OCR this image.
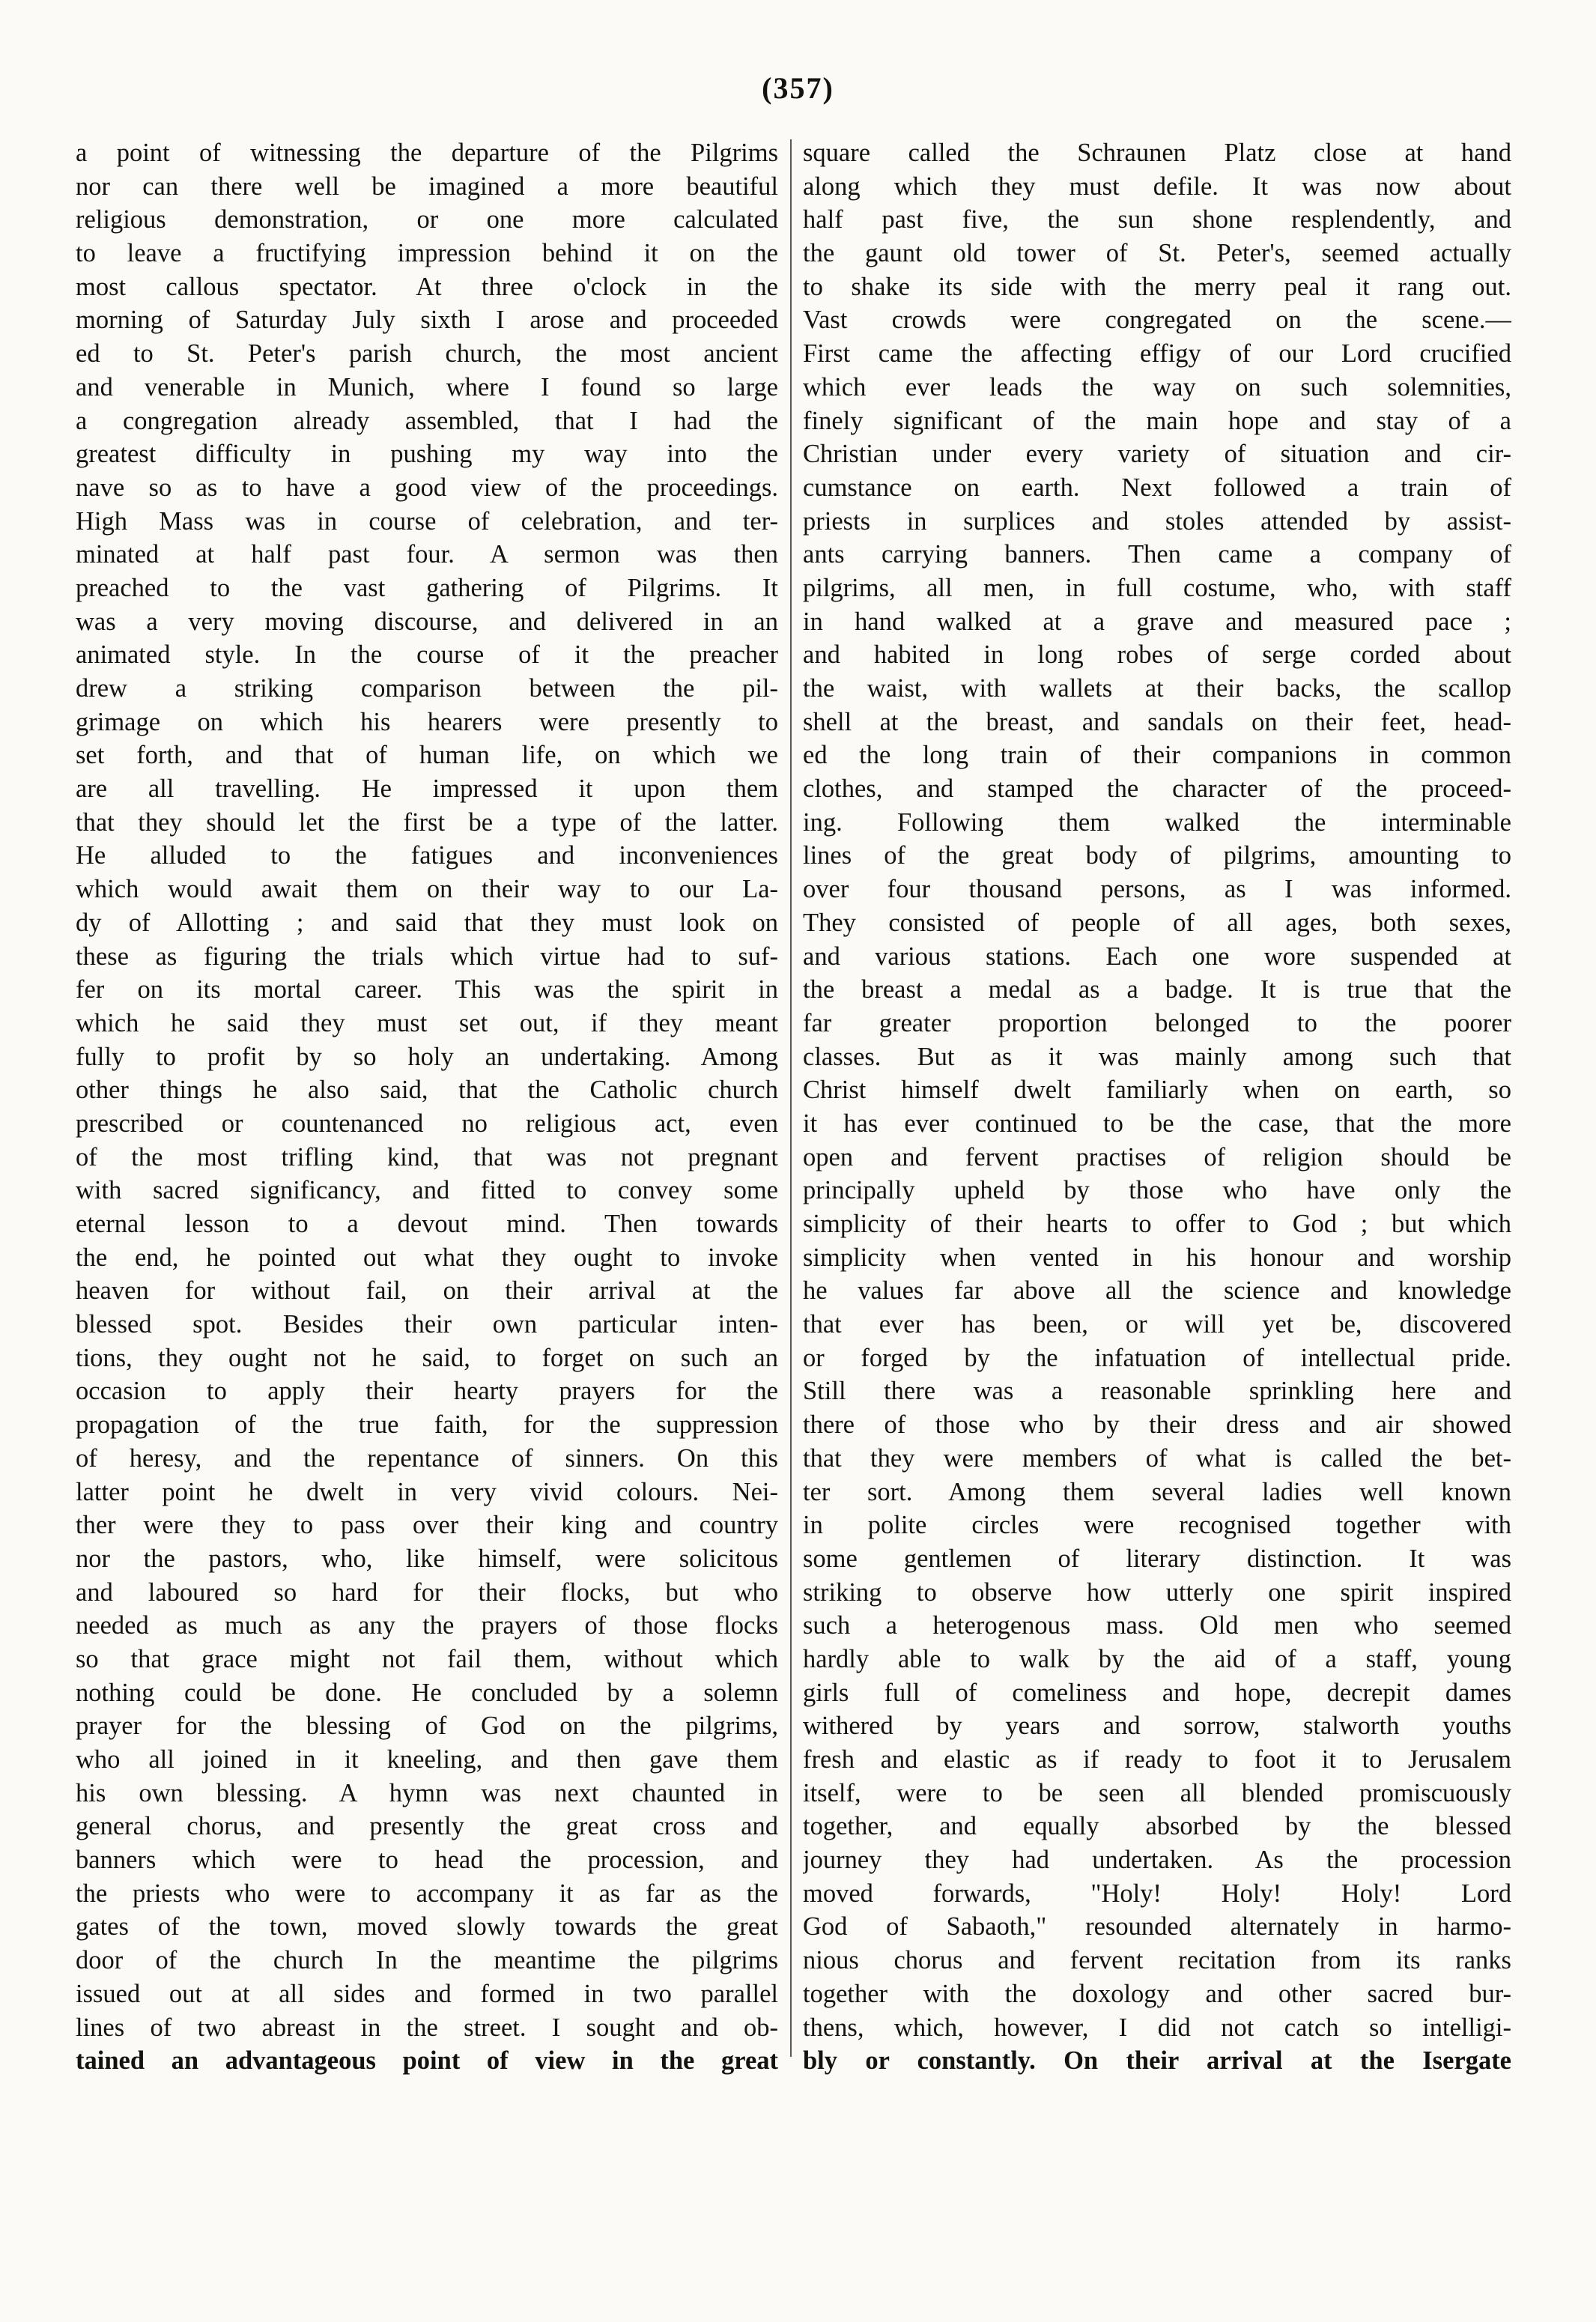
(357)
a point of witnessing the departure of the Pilgrims
nor can there well be imagined a more beautiful
religious demonstration, or one more calculated
to leave a fructifying impression behind it on the
most callous spectator. At three o'clock in the
morning of Saturday July sixth I arose and proceeded
ed to St. Peter's parish church, the most ancient
and venerable in Munich, where I found so large
a congregation already assembled, that I had the
greatest difficulty in pushing my way into the
nave so as to have a good view of the proceedings.
High Mass was in course of celebration, and ter-
minated at half past four. A sermon was then
preached to the vast gathering of Pilgrims. It
was a very moving discourse, and delivered in an
animated style. In the course of it the preacher
drew a striking comparison between the pil-
grimage on which his hearers were presently to
set forth, and that of human life, on which we
are all travelling. He impressed it upon them
that they should let the first be a type of the latter.
He alluded to the fatigues and inconveniences
which would await them on their way to our La-
dy of Allotting ; and said that they must look on
these as figuring the trials which virtue had to suf-
fer on its mortal career. This was the spirit in
which he said they must set out, if they meant
fully to profit by so holy an undertaking. Among
other things he also said, that the Catholic church
prescribed or countenanced no religious act, even
of the most trifling kind, that was not pregnant
with sacred significancy, and fitted to convey some
eternal lesson to a devout mind. Then towards
the end, he pointed out what they ought to invoke
heaven for without fail, on their arrival at the
blessed spot. Besides their own particular inten-
tions, they ought not he said, to forget on such an
occasion to apply their hearty prayers for the
propagation of the true faith, for the suppression
of heresy, and the repentance of sinners. On this
latter point he dwelt in very vivid colours. Nei-
ther were they to pass over their king and country
nor the pastors, who, like himself, were solicitous
and laboured so hard for their flocks, but who
needed as much as any the prayers of those flocks
so that grace might not fail them, without which
nothing could be done. He concluded by a solemn
prayer for the blessing of God on the pilgrims,
who all joined in it kneeling, and then gave them
his own blessing. A hymn was next chaunted in
general chorus, and presently the great cross and
banners which were to head the procession, and
the priests who were to accompany it as far as the
gates of the town, moved slowly towards the great
door of the church In the meantime the pilgrims
issued out at all sides and formed in two parallel
lines of two abreast in the street. I sought and ob-
tained an advantageous point of view in the great
square called the Schraunen Platz close at hand
along which they must defile. It was now about
half past five, the sun shone resplendently, and
the gaunt old tower of St. Peter's, seemed actually
to shake its side with the merry peal it rang out.
Vast crowds were congregated on the scene.—
First came the affecting effigy of our Lord crucified
which ever leads the way on such solemnities,
finely significant of the main hope and stay of a
Christian under every variety of situation and cir-
cumstance on earth. Next followed a train of
priests in surplices and stoles attended by assist-
ants carrying banners. Then came a company of
pilgrims, all men, in full costume, who, with staff
in hand walked at a grave and measured pace ;
and habited in long robes of serge corded about
the waist, with wallets at their backs, the scallop
shell at the breast, and sandals on their feet, head-
ed the long train of their companions in common
clothes, and stamped the character of the proceed-
ing. Following them walked the interminable
lines of the great body of pilgrims, amounting to
over four thousand persons, as I was informed.
They consisted of people of all ages, both sexes,
and various stations. Each one wore suspended at
the breast a medal as a badge. It is true that the
far greater proportion belonged to the poorer
classes. But as it was mainly among such that
Christ himself dwelt familiarly when on earth, so
it has ever continued to be the case, that the more
open and fervent practises of religion should be
principally upheld by those who have only the
simplicity of their hearts to offer to God ; but which
simplicity when vented in his honour and worship
he values far above all the science and knowledge
that ever has been, or will yet be, discovered
or forged by the infatuation of intellectual pride.
Still there was a reasonable sprinkling here and
there of those who by their dress and air showed
that they were members of what is called the bet-
ter sort. Among them several ladies well known
in polite circles were recognised together with
some gentlemen of literary distinction. It was
striking to observe how utterly one spirit inspired
such a heterogenous mass. Old men who seemed
hardly able to walk by the aid of a staff, young
girls full of comeliness and hope, decrepit dames
withered by years and sorrow, stalworth youths
fresh and elastic as if ready to foot it to Jerusalem
itself, were to be seen all blended promiscuously
together, and equally absorbed by the blessed
journey they had undertaken. As the procession
moved forwards, "Holy! Holy! Holy! Lord
God of Sabaoth," resounded alternately in harmo-
nious chorus and fervent recitation from its ranks
together with the doxology and other sacred bur-
thens, which, however, I did not catch so intelligi-
bly or constantly. On their arrival at the Isergate
